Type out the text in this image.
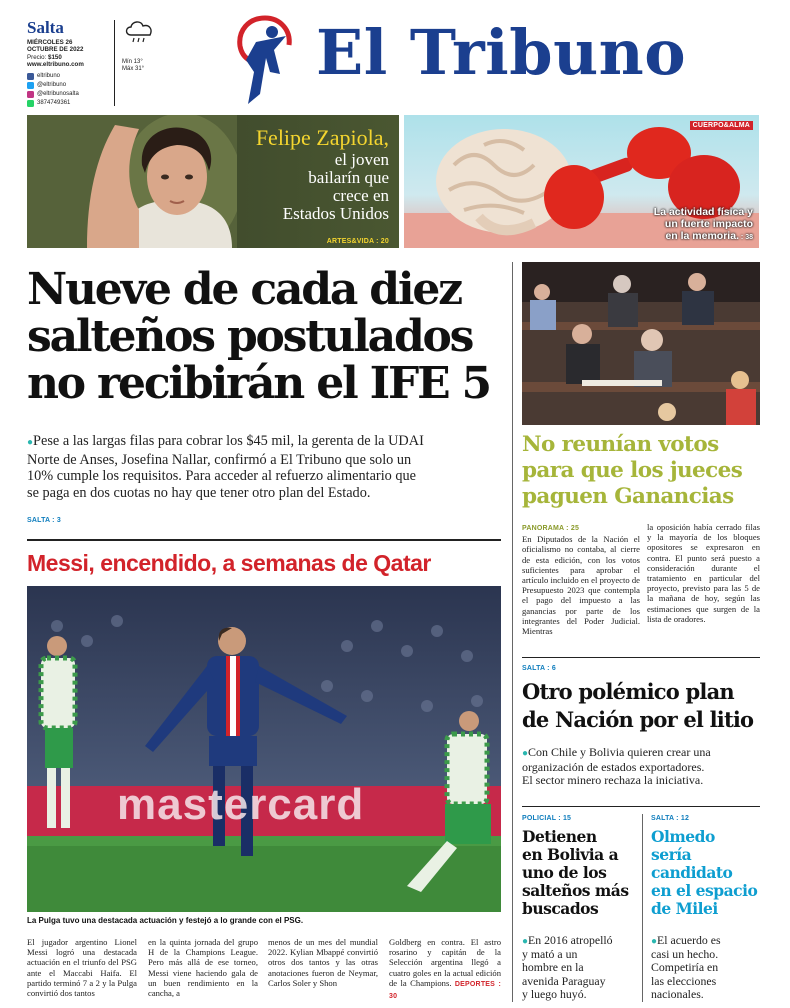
Salta
MIÉRCOLES 26
OCTUBRE DE 2022
Precio: $150
www.eltribuno.com
eltribuno
@eltribuno
@eltribunosalta
3874749361
Mín 13°
Máx 31°	El Tribuno
Felipe Zapiola,
el joven
bailarín que
crece en
Estados Unidos
ARTES&VIDA : 20
CUERPO&ALMA
La actividad física y
un fuerte impacto
en la memoria. : 38
Nueve de cada diez
salteños postulados
no recibirán el IFE 5
●Pese a las largas filas para cobrar los $45 mil, la gerenta de la UDAI
Norte de Anses, Josefina Nallar, confirmó a El Tribuno que solo un
10% cumple los requisitos. Para acceder al refuerzo alimentario que
se paga en dos cuotas no hay que tener otro plan del Estado.
SALTA : 3
Messi, encendido, a semanas de Qatar
mastercard
La Pulga tuvo una destacada actuación y festejó a lo grande con el PSG.
El jugador argentino Lionel Messi logró una destacada actuación en el triunfo del PSG ante el Maccabi Haifa. El partido terminó 7 a 2 y la Pulga convirtió dos tantos
en la quinta jornada del grupo H de la Champions League. Pero más allá de ese torneo, Messi viene haciendo gala de un buen rendimiento en la cancha, a
menos de un mes del mundial 2022. Kylian Mbappé convirtió otros dos tantos y las otras anotaciones fueron de Neymar, Carlos Soler y Shon
Goldberg en contra. El astro rosarino y capitán de la Selección argentina llegó a cuatro goles en la actual edición de la Champions. DEPORTES : 30
No reunían votos
para que los jueces
paguen Ganancias
PANORAMA : 25
En Diputados de la Nación el oficialismo no contaba, al cierre de esta edición, con los votos suficientes para aprobar el artículo incluido en el proyecto de Presupuesto 2023 que contempla el pago del impuesto a las ganancias por parte de los integrantes del Poder Judicial. Mientras
la oposición había cerrado filas y la mayoría de los bloques opositores se expresaron en contra. El punto será puesto a consideración durante el tratamiento en particular del proyecto, previsto para las 5 de la mañana de hoy, según las estimaciones que surgen de la lista de oradores.
SALTA : 6
Otro polémico plan
de Nación por el litio
●Con Chile y Bolivia quieren crear una
organización de estados exportadores.
El sector minero rechaza la iniciativa.
POLICIAL : 15
Detienen
en Bolivia a
uno de los
salteños más
buscados
●En 2016 atropelló
y mató a un
hombre en la
avenida Paraguay
y luego huyó.
SALTA : 12
Olmedo
sería
candidato
en el espacio
de Milei
●El acuerdo es
casi un hecho.
Competiría en
las elecciones
nacionales.
